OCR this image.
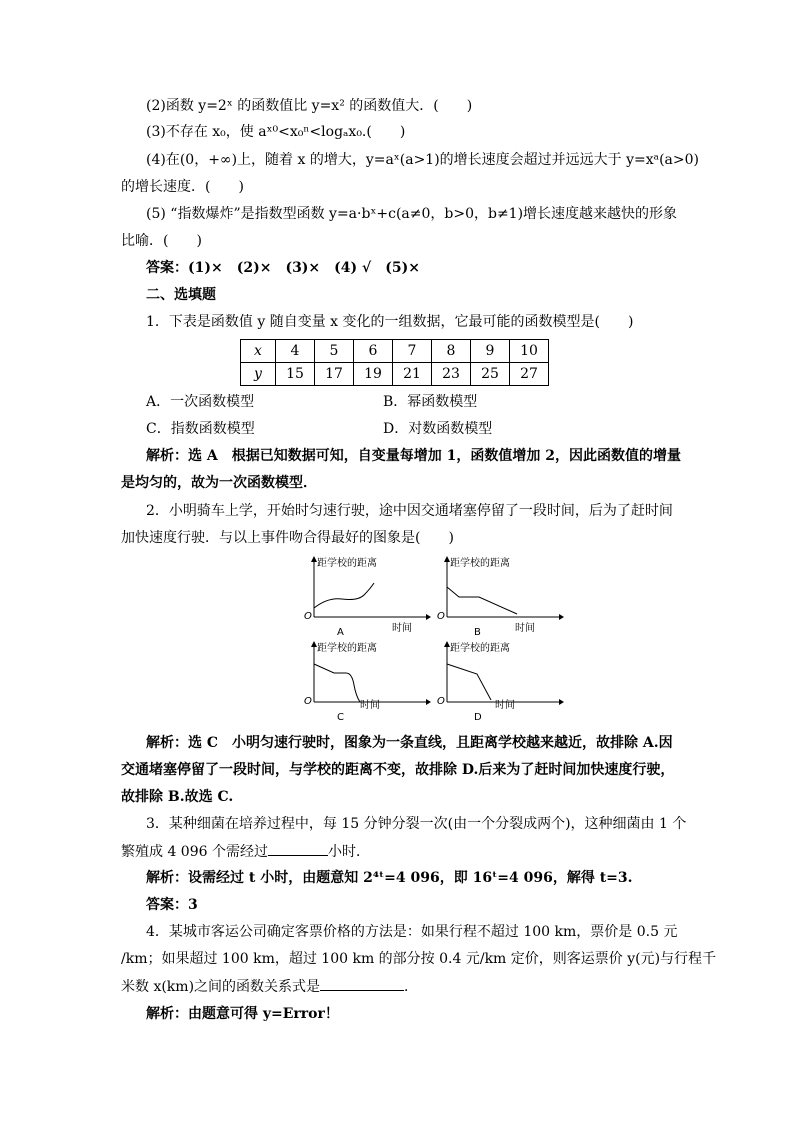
(2)函数 y=2ˣ 的函数值比 y=x² 的函数值大．(　　)
(3)不存在 x₀，使 aˣ⁰<x₀ⁿ<logₐx₀.(　　)
(4)在(0，+∞)上，随着 x 的增大，y=aˣ(a>1)的增长速度会超过并远远大于 y=xᵃ(a>0)
的增长速度．(　　)
(5) “指数爆炸”是指数型函数 y=a·bˣ+c(a≠0，b>0，b≠1)增长速度越来越快的形象
比喻．(　　)
答案：(1)×　(2)×　(3)×　(4) √　(5)×
二、选填题
1．下表是函数值 y 随自变量 x 变化的一组数据，它最可能的函数模型是(　　)
x	4	5	6	7	8	9	10
y	15	17	19	21	23	25	27
A．一次函数模型	B．幂函数模型
C．指数函数模型	D．对数函数模型
解析：选 A　根据已知数据可知，自变量每增加 1，函数值增加 2，因此函数值的增量
是均匀的，故为一次函数模型．
2．小明骑车上学，开始时匀速行驶，途中因交通堵塞停留了一段时间，后为了赶时间
加快速度行驶．与以上事件吻合得最好的图象是(　　)
距学校的距离
O
时间
A
距学校的距离
O
时间
B
距学校的距离
O	时间
C
距学校的距离
O	时间
D
解析：选 C　小明匀速行驶时，图象为一条直线，且距离学校越来越近，故排除 A.因
交通堵塞停留了一段时间，与学校的距离不变，故排除 D.后来为了赶时间加快速度行驶，
故排除 B.故选 C.
3．某种细菌在培养过程中，每 15 分钟分裂一次(由一个分裂成两个)，这种细菌由 1 个
繁殖成 4 096 个需经过	小时．
解析：设需经过 t 小时，由题意知 2⁴ᵗ=4 096，即 16ᵗ=4 096，解得 t=3.
答案：3
4．某城市客运公司确定客票价格的方法是：如果行程不超过 100 km，票价是 0.5 元
/km；如果超过 100 km，超过 100 km 的部分按 0.4 元/km 定价，则客运票价 y(元)与行程千
米数 x(km)之间的函数关系式是	．
解析：由题意可得 y=Error！
